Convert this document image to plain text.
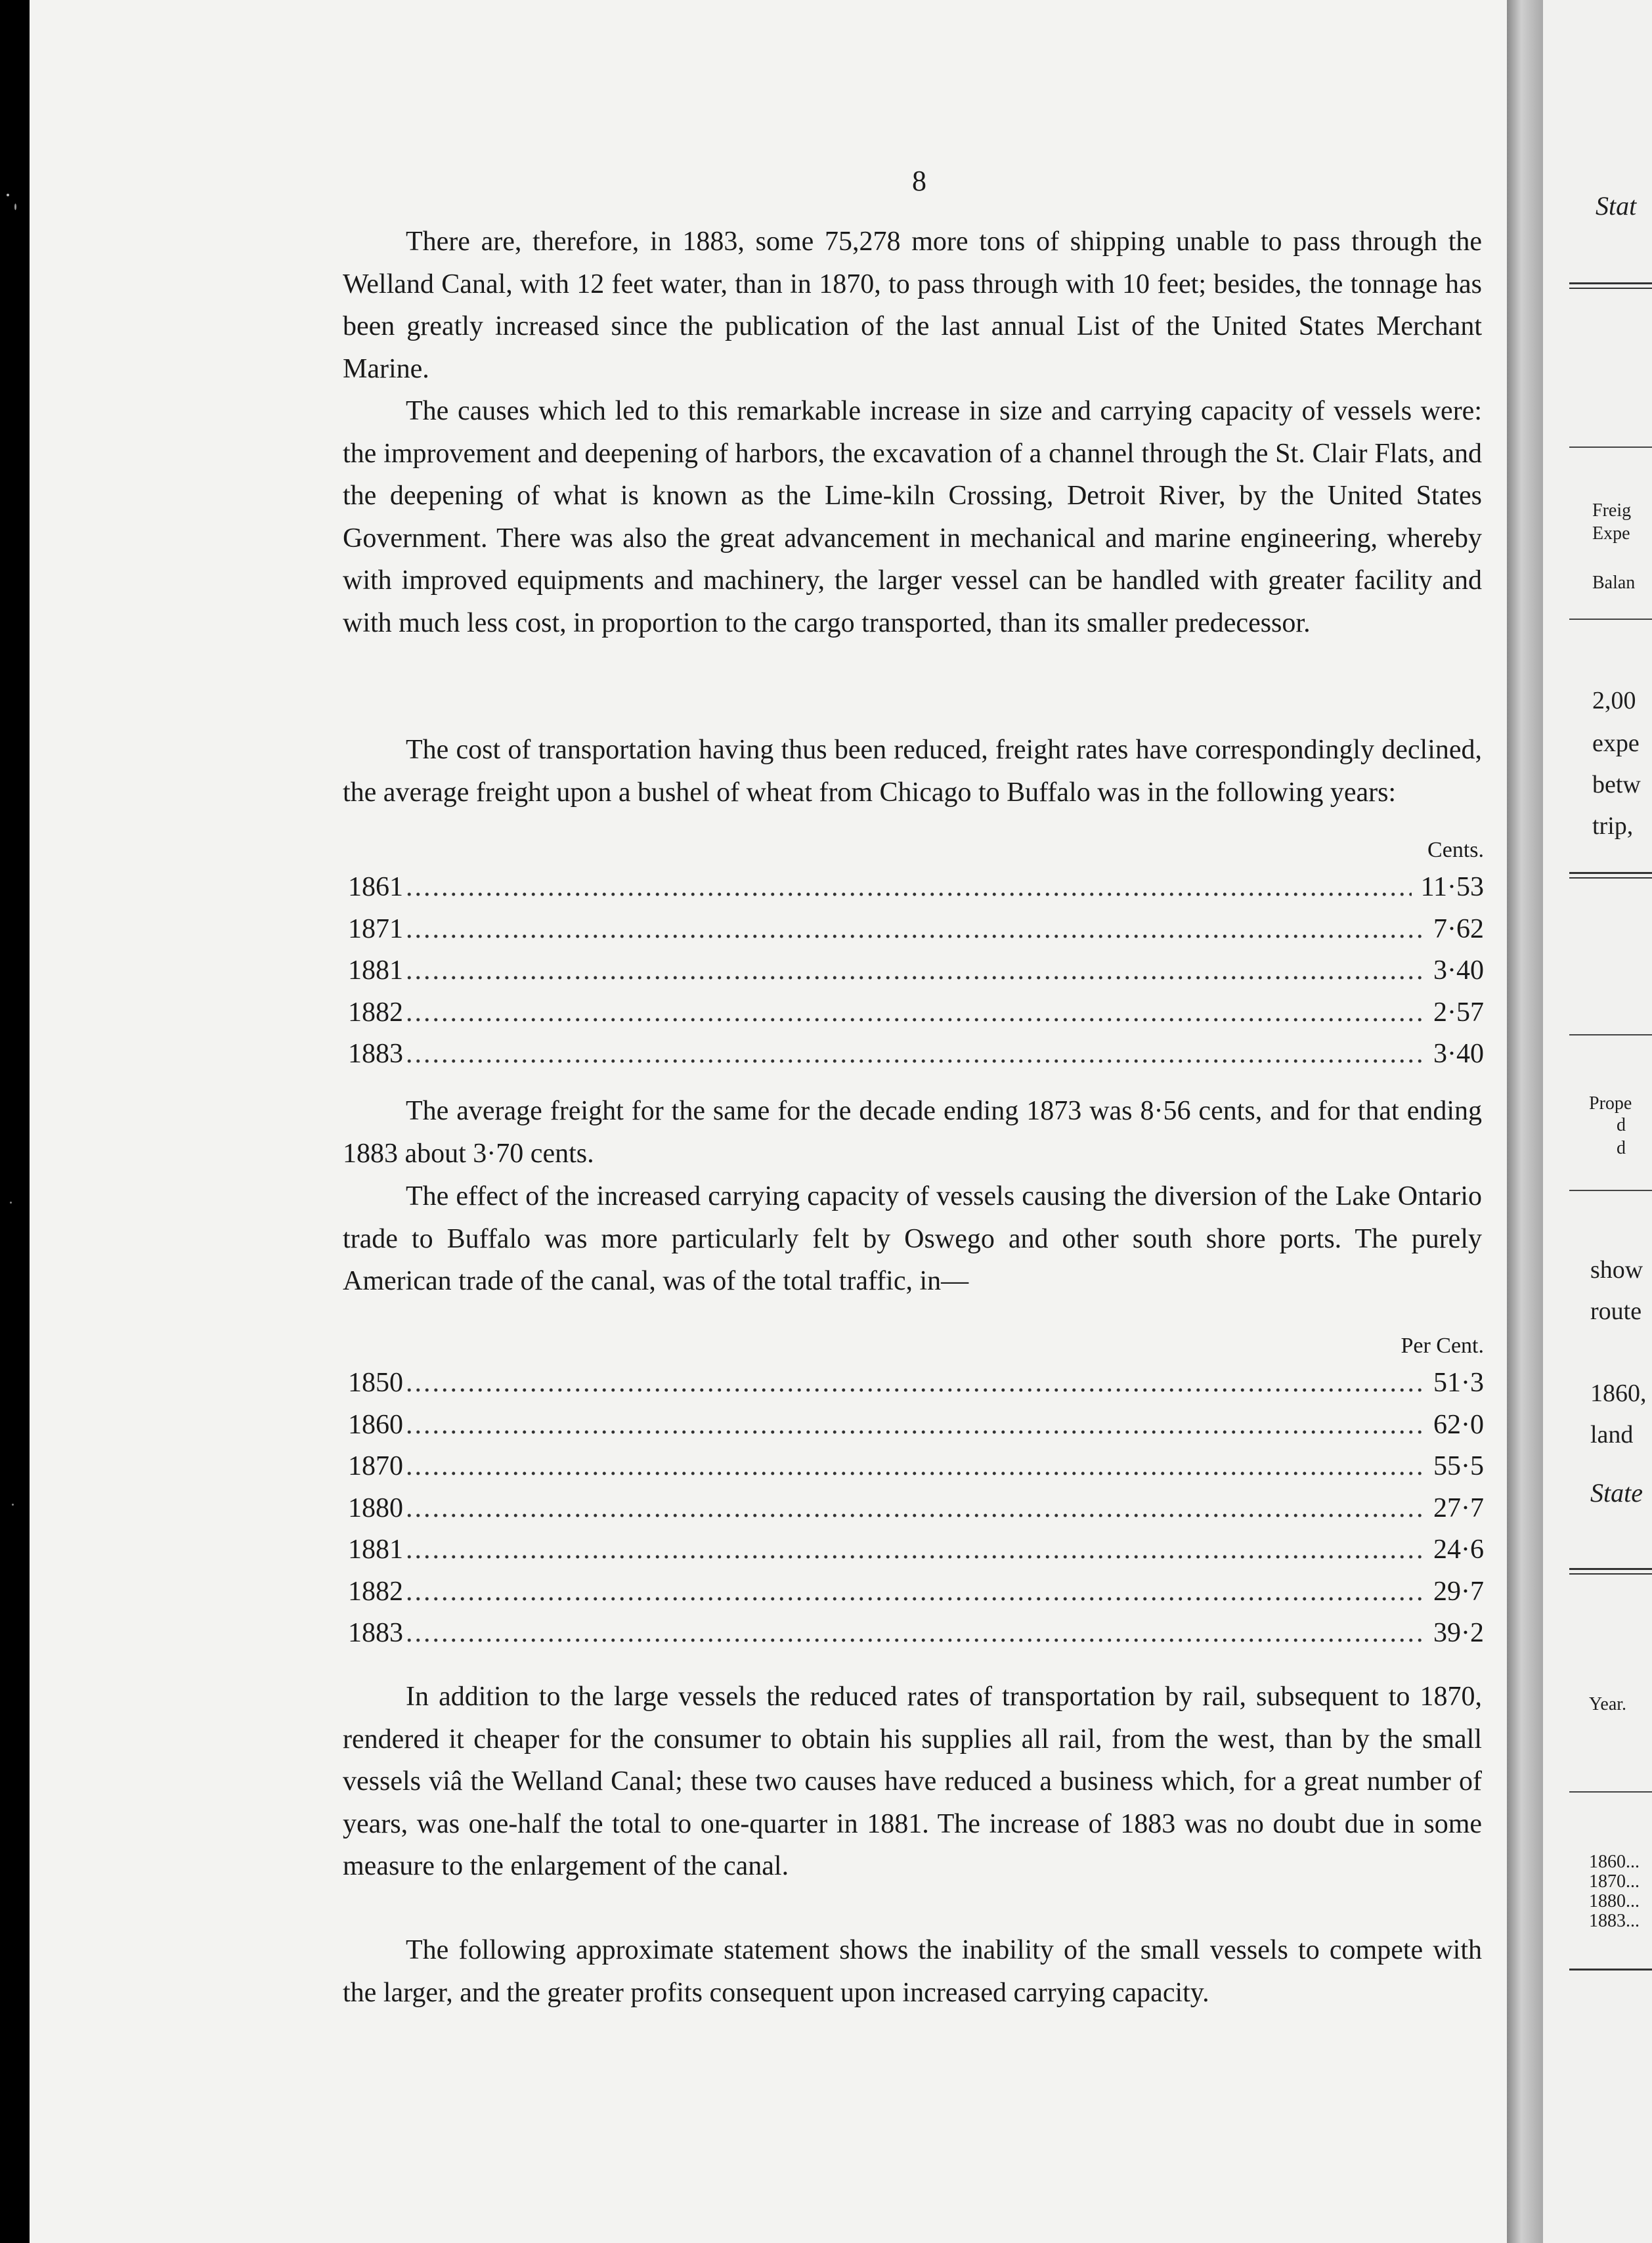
8

There are, therefore, in 1883, some 75,278 more tons of shipping unable to pass through the Welland Canal, with 12 feet water, than in 1870, to pass through with 10 feet; besides, the tonnage has been greatly increased since the publication of the last annual List of the United States Merchant Marine.

The causes which led to this remarkable increase in size and carrying capacity of vessels were: the improvement and deepening of harbors, the excavation of a channel through the St. Clair Flats, and the deepening of what is known as the Lime-kiln Crossing, Detroit River, by the United States Government. There was also the great advancement in mechanical and marine engineering, whereby with improved equipments and machinery, the larger vessel can be handled with greater facility and with much less cost, in proportion to the cargo transported, than its smaller predecessor.

The cost of transportation having thus been reduced, freight rates have correspondingly declined, the average freight upon a bushel of wheat from Chicago to Buffalo was in the following years:

Cents.
1861 .....	11·53
1871 .....	7·62
1881 .....	3·40
1882 .....	2·57
1883 .....	3·40

The average freight for the same for the decade ending 1873 was 8·56 cents, and for that ending 1883 about 3·70 cents.

The effect of the increased carrying capacity of vessels causing the diversion of the Lake Ontario trade to Buffalo was more particularly felt by Oswego and other south shore ports. The purely American trade of the canal, was of the total traffic, in—

Per Cent.
1850 .....	51·3
1860 .....	62·0
1870 .....	55·5
1880 .....	27·7
1881 .....	24·6
1882 .....	29·7
1883 .....	39·2

In addition to the large vessels the reduced rates of transportation by rail, subsequent to 1870, rendered it cheaper for the consumer to obtain his supplies all rail, from the west, than by the small vessels viâ the Welland Canal; these two causes have reduced a business which, for a great number of years, was one-half the total to one-quarter in 1881. The increase of 1883 was no doubt due in some measure to the enlargement of the canal.

The following approximate statement shows the inability of the small vessels to compete with the larger, and the greater profits consequent upon increased carrying capacity.

Stat
Freig
Expe
Balan
2,00
expe
betw
trip,
Prope
d
d
show
route
1860,
land
State
Year.
1860...
1870...
1880...
1883...
